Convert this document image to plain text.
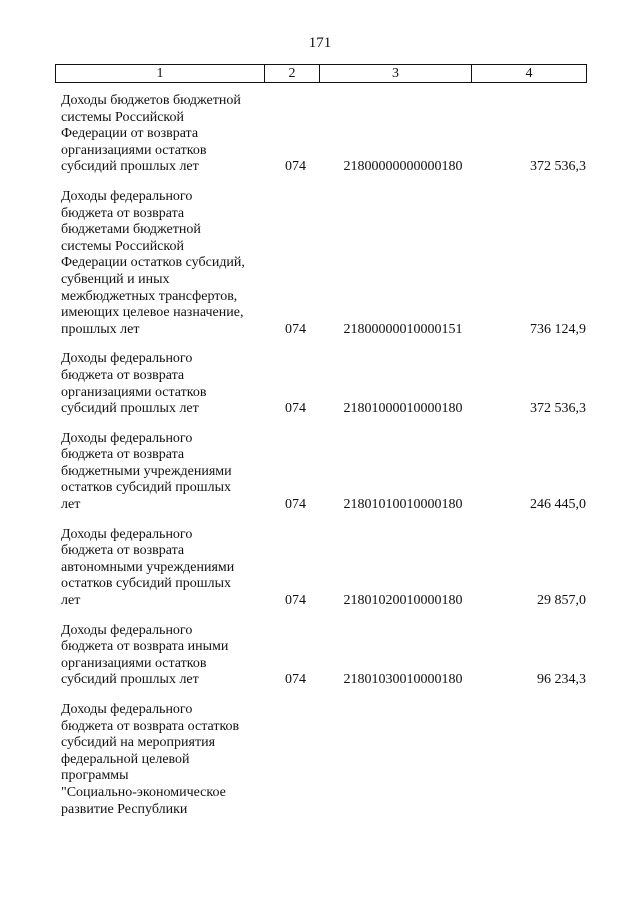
171
1	2	3	4
Доходы бюджетов бюджетной
системы Российской
Федерации от возврата
организациями остатков
субсидий прошлых лет	074	21800000000000180	372 536,3
Доходы федерального
бюджета от возврата
бюджетами бюджетной
системы Российской
Федерации остатков субсидий,
субвенций и иных
межбюджетных трансфертов,
имеющих целевое назначение,
прошлых лет	074	21800000010000151	736 124,9
Доходы федерального
бюджета от возврата
организациями остатков
субсидий прошлых лет	074	21801000010000180	372 536,3
Доходы федерального
бюджета от возврата
бюджетными учреждениями
остатков субсидий прошлых
лет	074	21801010010000180	246 445,0
Доходы федерального
бюджета от возврата
автономными учреждениями
остатков субсидий прошлых
лет	074	21801020010000180	29 857,0
Доходы федерального
бюджета от возврата иными
организациями остатков
субсидий прошлых лет	074	21801030010000180	96 234,3
Доходы федерального
бюджета от возврата остатков
субсидий на мероприятия
федеральной целевой
программы
"Социально-экономическое
развитие Республики
